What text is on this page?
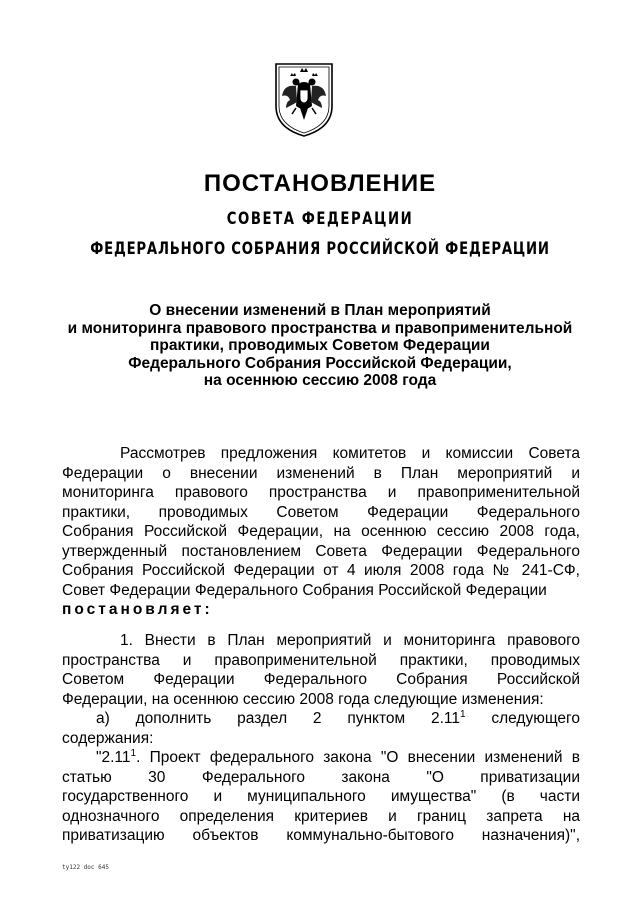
ПОСТАНОВЛЕНИЕ
СОВЕТА ФЕДЕРАЦИИ
ФЕДЕРАЛЬНОГО СОБРАНИЯ РОССИЙСКОЙ ФЕДЕРАЦИИ
О внесении изменений в План мероприятий
и мониторинга правового пространства и правоприменительной
практики, проводимых Советом Федерации
Федерального Собрания Российской Федерации,
на осеннюю сессию 2008 года
Рассмотрев предложения комитетов и комиссии Совета
Федерации о внесении изменений в План мероприятий и
мониторинга правового пространства и правоприменительной
практики, проводимых Советом Федерации Федерального
Собрания Российской Федерации, на осеннюю сессию 2008 года,
утвержденный постановлением Совета Федерации Федерального
Собрания Российской Федерации от 4 июля 2008 года № 241-СФ,
Совет Федерации Федерального Собрания Российской Федерации
постановляет:
1. Внести в План мероприятий и мониторинга правового
пространства и правоприменительной практики, проводимых
Советом Федерации Федерального Собрания Российской
Федерации, на осеннюю сессию 2008 года следующие изменения:
а) дополнить раздел 2 пунктом 2.11$^1$ следующего
содержания:
"2.11$^1$. Проект федерального закона "О внесении изменений в
статью 30 Федерального закона "О приватизации
государственного и муниципального имущества" (в части
однозначного определения критериев и границ запрета на
приватизацию объектов коммунально-бытового назначения)",
ty122 doc 645
